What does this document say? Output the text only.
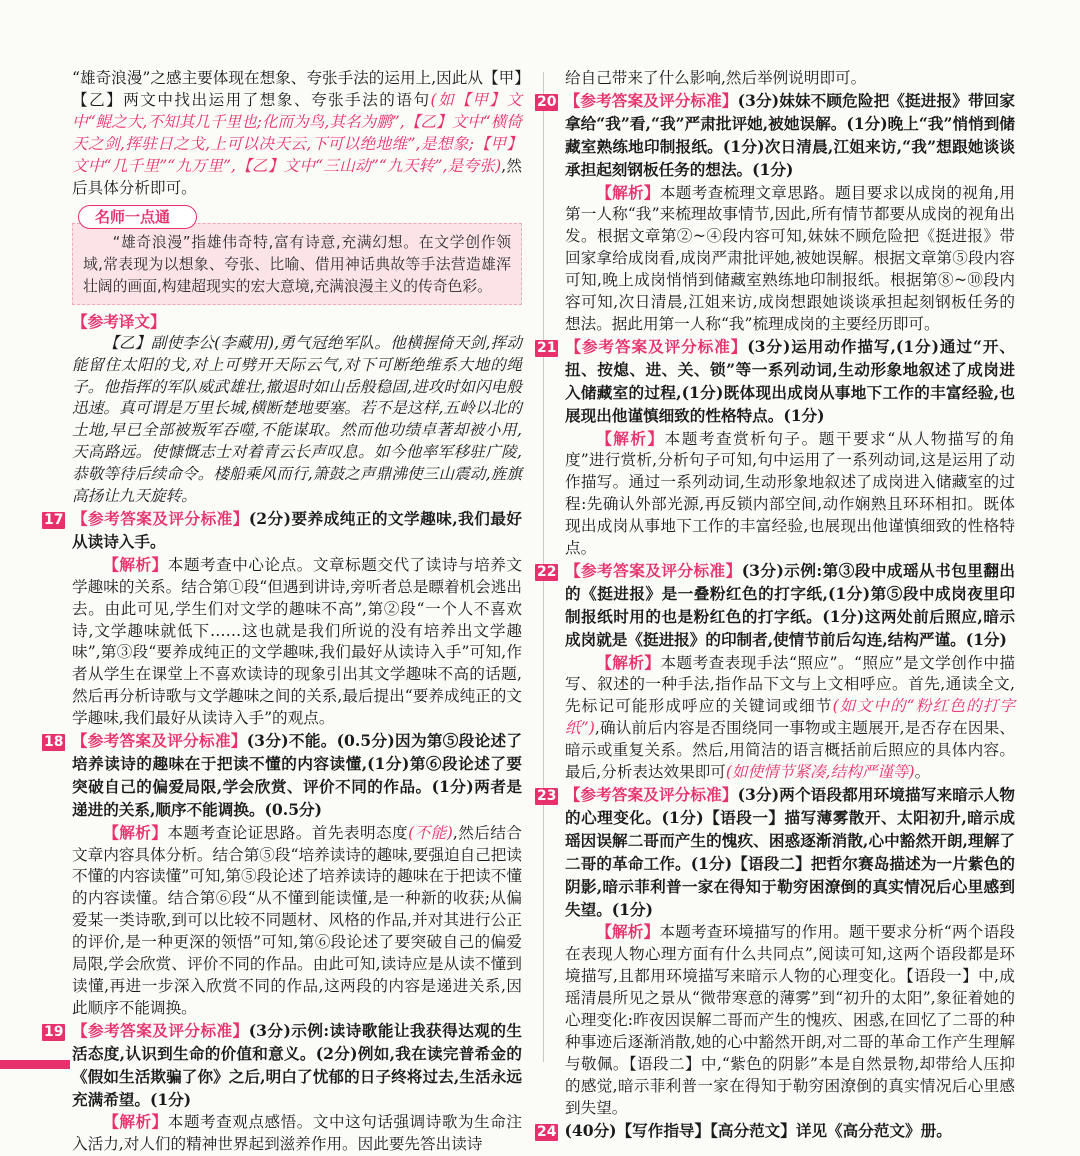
“雄奇浪漫”之感主要体现在想象、夸张手法的运用上,因此从【甲】【乙】两文中找出运用了想象、夸张手法的语句(如【甲】文中“鲲之大,不知其几千里也;化而为鸟,其名为鹏”,【乙】文中“横倚天之剑,挥驻日之戈,上可以决天云,下可以绝地维”,是想象;【甲】文中“几千里”“九万里”,【乙】文中“三山动”“九天转”,是夸张),然后具体分析即可。

名师一点通

“雄奇浪漫”指雄伟奇特,富有诗意,充满幻想。在文学创作领域,常表现为以想象、夸张、比喻、借用神话典故等手法营造雄浑壮阔的画面,构建超现实的宏大意境,充满浪漫主义的传奇色彩。

【参考译文】

【乙】副使李公(李藏用),勇气冠绝军队。他横握倚天剑,挥动能留住太阳的戈,对上可劈开天际云气,对下可断绝维系大地的绳子。他指挥的军队威武雄壮,撤退时如山岳般稳固,进攻时如闪电般迅速。真可谓是万里长城,横断楚地要塞。若不是这样,五岭以北的土地,早已全部被叛军吞噬,不能谋取。然而他功绩卓著却被小用,天高路远。使慷慨志士对着青云长声叹息。如今他率军移驻广陵,恭敬等待后续命令。楼船乘风而行,箫鼓之声鼎沸使三山震动,旌旗高扬让九天旋转。

17 【参考答案及评分标准】(2分)要养成纯正的文学趣味,我们最好从读诗入手。

【解析】本题考查中心论点。文章标题交代了读诗与培养文学趣味的关系。结合第①段“但遇到讲诗,旁听者总是瞟着机会逃出去。由此可见,学生们对文学的趣味不高”,第②段“一个人不喜欢诗,文学趣味就低下……这也就是我们所说的没有培养出文学趣味”,第③段“要养成纯正的文学趣味,我们最好从读诗入手”可知,作者从学生在课堂上不喜欢读诗的现象引出其文学趣味不高的话题,然后再分析诗歌与文学趣味之间的关系,最后提出“要养成纯正的文学趣味,我们最好从读诗入手”的观点。

18 【参考答案及评分标准】(3分)不能。(0.5分)因为第⑤段论述了培养读诗的趣味在于把读不懂的内容读懂,(1分)第⑥段论述了要突破自己的偏爱局限,学会欣赏、评价不同的作品。(1分)两者是递进的关系,顺序不能调换。(0.5分)

【解析】本题考查论证思路。首先表明态度(不能),然后结合文章内容具体分析。结合第⑤段“培养读诗的趣味,要强迫自己把读不懂的内容读懂”可知,第⑤段论述了培养读诗的趣味在于把读不懂的内容读懂。结合第⑥段“从不懂到能读懂,是一种新的收获;从偏爱某一类诗歌,到可以比较不同题材、风格的作品,并对其进行公正的评价,是一种更深的领悟”可知,第⑥段论述了要突破自己的偏爱局限,学会欣赏、评价不同的作品。由此可知,读诗应是从读不懂到读懂,再进一步深入欣赏不同的作品,这两段的内容是递进关系,因此顺序不能调换。

19 【参考答案及评分标准】(3分)示例:读诗歌能让我获得达观的生活态度,认识到生命的价值和意义。(2分)例如,我在读完普希金的《假如生活欺骗了你》之后,明白了忧郁的日子终将过去,生活永远充满希望。(1分)

【解析】本题考查观点感悟。文中这句话强调诗歌为生命注入活力,对人们的精神世界起到滋养作用。因此要先答出读诗

给自己带来了什么影响,然后举例说明即可。

20 【参考答案及评分标准】(3分)妹妹不顾危险把《挺进报》带回家拿给“我”看,“我”严肃批评她,被她误解。(1分)晚上“我”悄悄到储藏室熟练地印制报纸。(1分)次日清晨,江姐来访,“我”想跟她谈谈承担起刻钢板任务的想法。(1分)

【解析】本题考查梳理文章思路。题目要求以成岗的视角,用第一人称“我”来梳理故事情节,因此,所有情节都要从成岗的视角出发。根据文章第②~④段内容可知,妹妹不顾危险把《挺进报》带回家拿给成岗看,成岗严肃批评她,被她误解。根据文章第⑤段内容可知,晚上成岗悄悄到储藏室熟练地印制报纸。根据第⑧~⑩段内容可知,次日清晨,江姐来访,成岗想跟她谈谈承担起刻钢板任务的想法。据此用第一人称“我”梳理成岗的主要经历即可。

21 【参考答案及评分标准】(3分)运用动作描写,(1分)通过“开、扭、按熄、进、关、锁”等一系列动词,生动形象地叙述了成岗进入储藏室的过程,(1分)既体现出成岗从事地下工作的丰富经验,也展现出他谨慎细致的性格特点。(1分)

【解析】本题考查赏析句子。题干要求“从人物描写的角度”进行赏析,分析句子可知,句中运用了一系列动词,这是运用了动作描写。通过一系列动词,生动形象地叙述了成岗进入储藏室的过程:先确认外部光源,再反锁内部空间,动作娴熟且环环相扣。既体现出成岗从事地下工作的丰富经验,也展现出他谨慎细致的性格特点。

22 【参考答案及评分标准】(3分)示例:第③段中成瑶从书包里翻出的《挺进报》是一叠粉红色的打字纸,(1分)第⑤段中成岗夜里印制报纸时用的也是粉红色的打字纸。(1分)这两处前后照应,暗示成岗就是《挺进报》的印制者,使情节前后勾连,结构严谨。(1分)

【解析】本题考查表现手法“照应”。“照应”是文学创作中描写、叙述的一种手法,指作品下文与上文相呼应。首先,通读全文,先标记可能形成呼应的关键词或细节(如文中的“粉红色的打字纸”),确认前后内容是否围绕同一事物或主题展开,是否存在因果、暗示或重复关系。然后,用简洁的语言概括前后照应的具体内容。最后,分析表达效果即可(如使情节紧凑,结构严谨等)。

23 【参考答案及评分标准】(3分)两个语段都用环境描写来暗示人物的心理变化。(1分)【语段一】描写薄雾散开、太阳初升,暗示成瑶因误解二哥而产生的愧疚、困惑逐渐消散,心中豁然开朗,理解了二哥的革命工作。(1分)【语段二】把哲尔赛岛描述为一片紫色的阴影,暗示菲利普一家在得知于勒穷困潦倒的真实情况后心里感到失望。(1分)

【解析】本题考查环境描写的作用。题干要求分析“两个语段在表现人物心理方面有什么共同点”,阅读可知,这两个语段都是环境描写,且都用环境描写来暗示人物的心理变化。【语段一】中,成瑶清晨所见之景从“微带寒意的薄雾”到“初升的太阳”,象征着她的心理变化:昨夜因误解二哥而产生的愧疚、困惑,在回忆了二哥的种种事迹后逐渐消散,她的心中豁然开朗,对二哥的革命工作产生理解与敬佩。【语段二】中,“紫色的阴影”本是自然景物,却带给人压抑的感觉,暗示菲利普一家在得知于勒穷困潦倒的真实情况后心里感到失望。

24 (40分)【写作指导】【高分范文】详见《高分范文》册。
